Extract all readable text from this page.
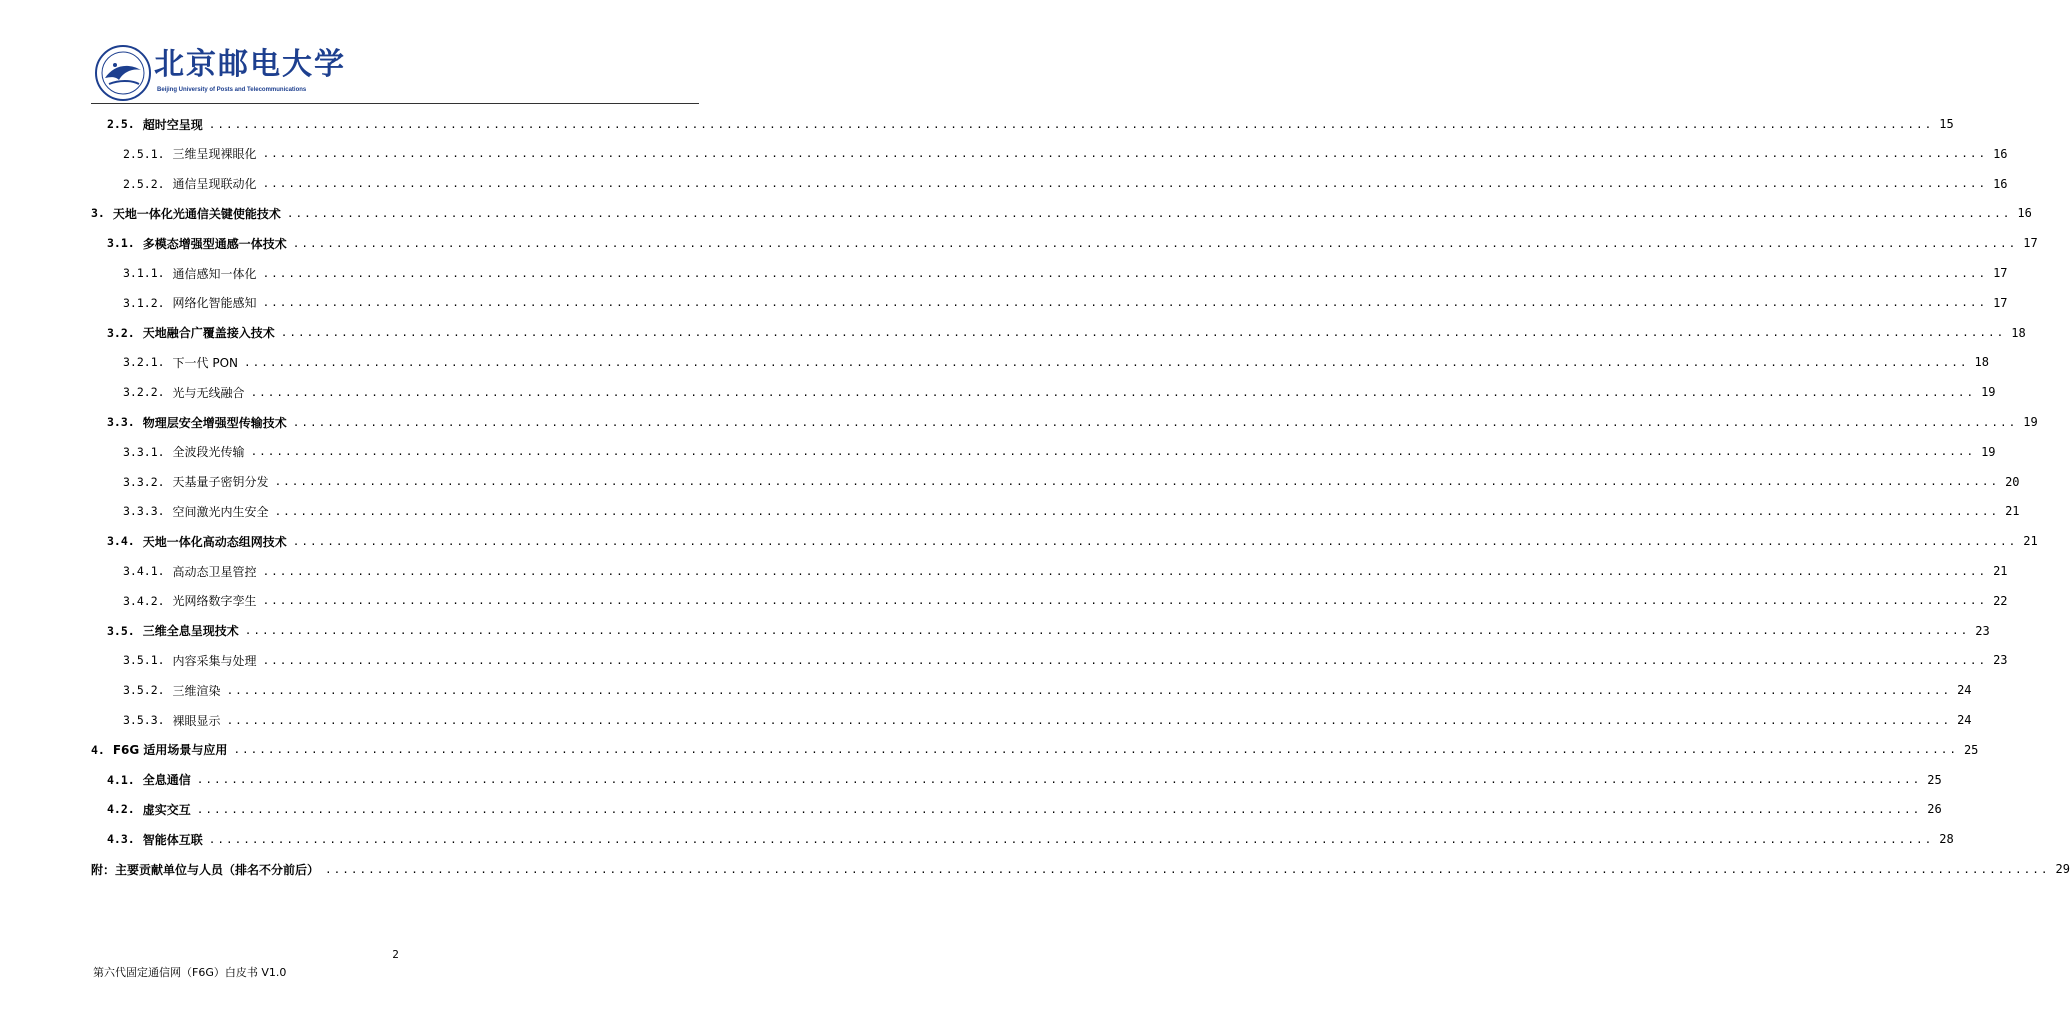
北京邮电大学
Beijing University of Posts and Telecommunications
2.5. 超时空呈现 ........................................................................................................................................................................................................ 15
2.5.1. 三维呈现裸眼化 ........................................................................................................................................................................................................ 16
2.5.2. 通信呈现联动化 ........................................................................................................................................................................................................ 16
3. 天地一体化光通信关键使能技术 ........................................................................................................................................................................................................ 16
3.1. 多模态增强型通感一体技术 ........................................................................................................................................................................................................ 17
3.1.1. 通信感知一体化 ........................................................................................................................................................................................................ 17
3.1.2. 网络化智能感知 ........................................................................................................................................................................................................ 17
3.2. 天地融合广覆盖接入技术 ........................................................................................................................................................................................................ 18
3.2.1. 下一代 PON ........................................................................................................................................................................................................ 18
3.2.2. 光与无线融合 ........................................................................................................................................................................................................ 19
3.3. 物理层安全增强型传输技术 ........................................................................................................................................................................................................ 19
3.3.1. 全波段光传输 ........................................................................................................................................................................................................ 19
3.3.2. 天基量子密钥分发 ........................................................................................................................................................................................................ 20
3.3.3. 空间激光内生安全 ........................................................................................................................................................................................................ 21
3.4. 天地一体化高动态组网技术 ........................................................................................................................................................................................................ 21
3.4.1. 高动态卫星管控 ........................................................................................................................................................................................................ 21
3.4.2. 光网络数字孪生 ........................................................................................................................................................................................................ 22
3.5. 三维全息呈现技术 ........................................................................................................................................................................................................ 23
3.5.1. 内容采集与处理 ........................................................................................................................................................................................................ 23
3.5.2. 三维渲染 ........................................................................................................................................................................................................ 24
3.5.3. 裸眼显示 ........................................................................................................................................................................................................ 24
4. F6G 适用场景与应用 ........................................................................................................................................................................................................ 25
4.1. 全息通信 ........................................................................................................................................................................................................ 25
4.2. 虚实交互 ........................................................................................................................................................................................................ 26
4.3. 智能体互联 ........................................................................................................................................................................................................ 28
附：主要贡献单位与人员（排名不分前后） ........................................................................................................................................................................................................ 29
2
第六代固定通信网（F6G）白皮书 V1.0
